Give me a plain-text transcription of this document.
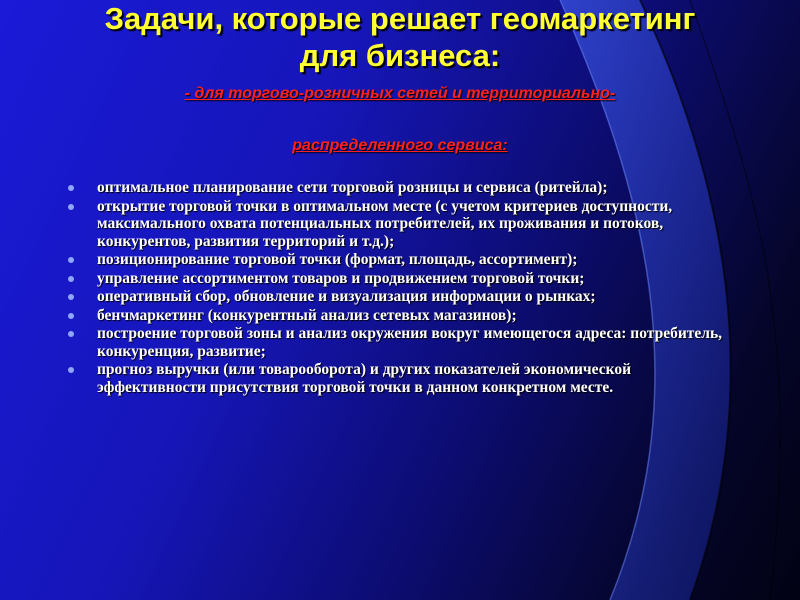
Задачи, которые решает геомаркетинг
для бизнеса:

- для торгово-розничных сетей и территориально-

распределенного сервиса:

оптимальное планирование сети торговой розницы и сервиса (ритейла);
открытие торговой точки в оптимальном месте (с учетом критериев доступности, максимального охвата потенциальных потребителей, их проживания и потоков, конкурентов, развития территорий и т.д.);
позиционирование торговой точки (формат, площадь, ассортимент);
управление ассортиментом товаров и продвижением торговой точки;
оперативный сбор, обновление и визуализация информации о рынках;
бенчмаркетинг (конкурентный анализ сетевых магазинов);
построение торговой зоны и анализ окружения вокруг имеющегося адреса: потребитель, конкуренция, развитие;
прогноз выручки (или товарооборота) и других показателей экономической эффективности присутствия торговой точки в данном конкретном месте.
